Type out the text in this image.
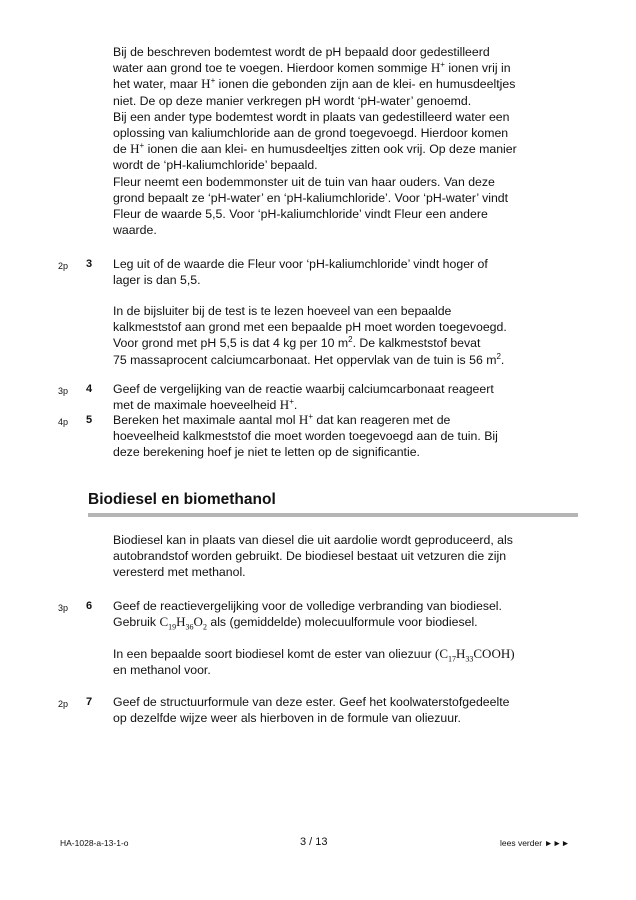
Bij de beschreven bodemtest wordt de pH bepaald door gedestilleerd

water aan grond toe te voegen. Hierdoor komen sommige H+ ionen vrij in

het water, maar H+ ionen die gebonden zijn aan de klei- en humusdeeltjes

niet. De op deze manier verkregen pH wordt ‘pH-water’ genoemd.

Bij een ander type bodemtest wordt in plaats van gedestilleerd water een

oplossing van kaliumchloride aan de grond toegevoegd. Hierdoor komen

de H+ ionen die aan klei- en humusdeeltjes zitten ook vrij. Op deze manier

wordt de ‘pH-kaliumchloride’ bepaald.

Fleur neemt een bodemmonster uit de tuin van haar ouders. Van deze

grond bepaalt ze ‘pH-water’ en ‘pH-kaliumchloride’. Voor ‘pH-water’ vindt

Fleur de waarde 5,5. Voor ‘pH-kaliumchloride’ vindt Fleur een andere

waarde.

2p 3 Leg uit of de waarde die Fleur voor ‘pH-kaliumchloride’ vindt hoger of
lager is dan 5,5.

In de bijsluiter bij de test is te lezen hoeveel van een bepaalde

kalkmeststof aan grond met een bepaalde pH moet worden toegevoegd.

Voor grond met pH 5,5 is dat 4 kg per 10 $m^2$. De kalkmeststof bevat

75 massaprocent calciumcarbonaat. Het oppervlak van de tuin is 56 $m^2$.

3p 4 Geef de vergelijking van de reactie waarbij calciumcarbonaat reageert
met de maximale hoeveelheid H+.
4p 5 Bereken het maximale aantal mol H+ dat kan reageren met de
hoeveelheid kalkmeststof die moet worden toegevoegd aan de tuin. Bij
deze berekening hoef je niet te letten op de significantie.
Biodiesel en biomethanol

Biodiesel kan in plaats van diesel die uit aardolie wordt geproduceerd, als

autobrandstof worden gebruikt. De biodiesel bestaat uit vetzuren die zijn

veresterd met methanol.

3p 6 Geef de reactievergelijking voor de volledige verbranding van biodiesel.
Gebruik $C_{19}H_{36}O_2$ als (gemiddelde) molecuulformule voor biodiesel.

In een bepaalde soort biodiesel komt de ester van oliezuur $(C_{17}H_{33}COOH)$

en methanol voor.

2p 7 Geef de structuurformule van deze ester. Geef het koolwaterstofgedeelte
op dezelfde wijze weer als hierboven in de formule van oliezuur.
HA-1028-a-13-1-o	3 / 13	lees verder ►►►
